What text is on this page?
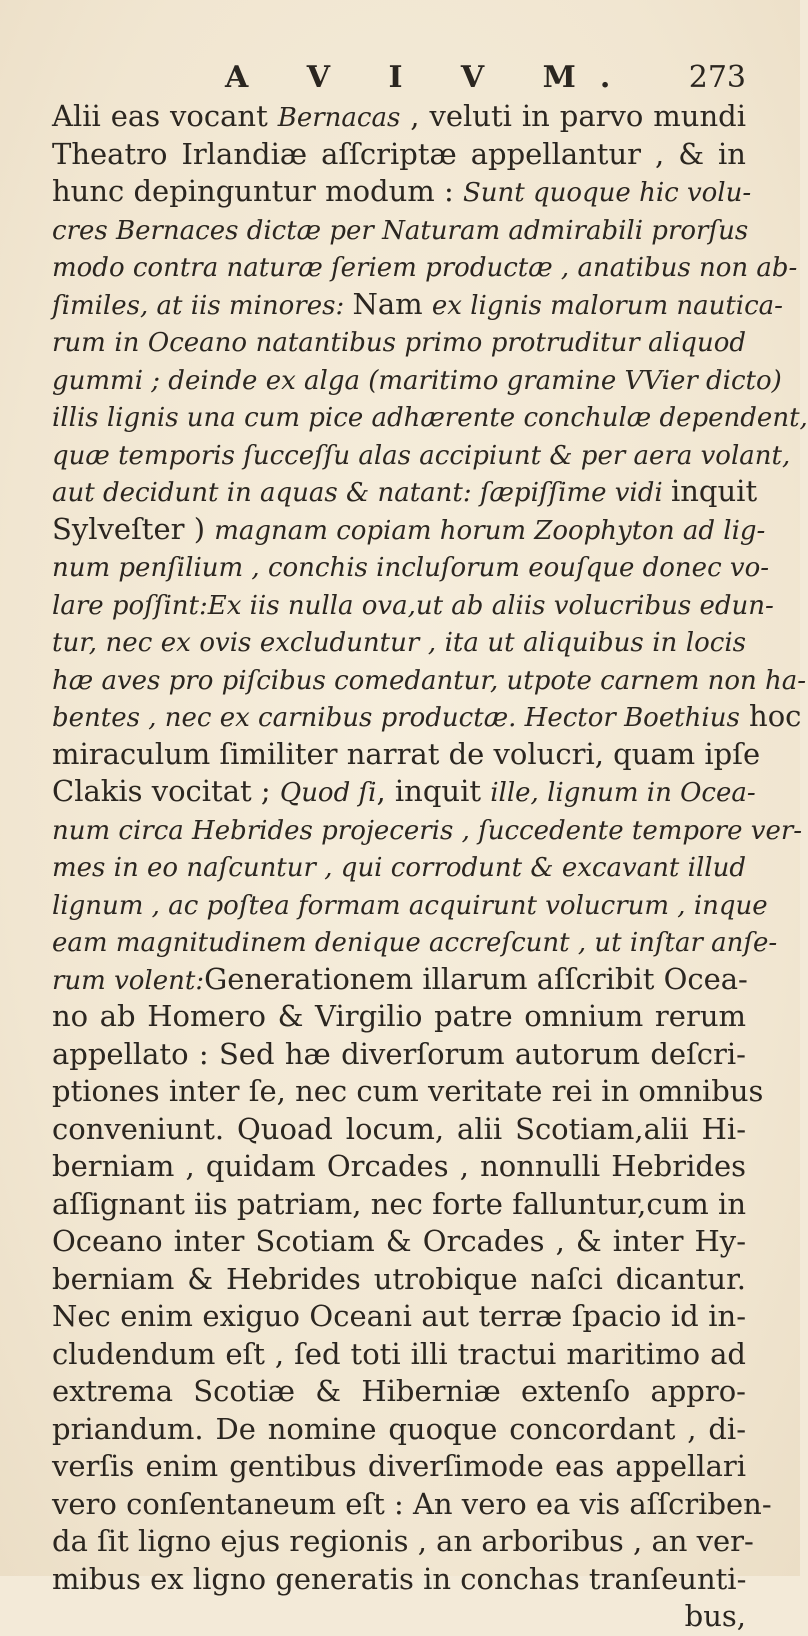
A V I V M. 273
Alii eas vocant Bernacas , veluti in parvo mundi
Theatro Irlandiæ aſſcriptæ appellantur , & in
hunc depinguntur modum : Sunt quoque hic volu-
cres Bernaces dictæ per Naturam admirabili prorſus
modo contra naturæ ſeriem productæ , anatibus non ab-
ſimiles, at iis minores: Nam ex lignis malorum nautica-
rum in Oceano natantibus primo protruditur aliquod
gummi ; deinde ex alga (maritimo gramine VVier dicto)
illis lignis una cum pice adhærente conchulæ dependent,
quæ temporis ſucceſſu alas accipiunt & per aera volant,
aut decidunt in aquas & natant: ſæpiſſime vidi inquit
Sylveſter ) magnam copiam horum Zoophyton ad lig-
num penſilium , conchis incluſorum eouſque donec vo-
lare poſſint:Ex iis nulla ova,ut ab aliis volucribus edun-
tur, nec ex ovis excluduntur , ita ut aliquibus in locis
hæ aves pro piſcibus comedantur, utpote carnem non ha-
bentes , nec ex carnibus productæ. Hector Boethius hoc
miraculum ſimiliter narrat de volucri, quam ipſe
Clakis vocitat ; Quod ſi, inquit ille, lignum in Ocea-
num circa Hebrides projeceris , ſuccedente tempore ver-
mes in eo naſcuntur , qui corrodunt & excavant illud
lignum , ac poſtea formam acquirunt volucrum , inque
eam magnitudinem denique accreſcunt , ut inſtar anſe-
rum volent:Generationem illarum aſſcribit Ocea-
no ab Homero & Virgilio patre omnium rerum
appellato : Sed hæ diverſorum autorum deſcri-
ptiones inter ſe, nec cum veritate rei in omnibus
conveniunt. Quoad locum, alii Scotiam,alii Hi-
berniam , quidam Orcades , nonnulli Hebrides
aſſignant iis patriam, nec forte falluntur,cum in
Oceano inter Scotiam & Orcades , & inter Hy-
berniam & Hebrides utrobique naſci dicantur.
Nec enim exiguo Oceani aut terræ ſpacio id in-
cludendum eſt , ſed toti illi tractui maritimo ad
extrema Scotiæ & Hiberniæ extenſo appro-
priandum. De nomine quoque concordant , di-
verſis enim gentibus diverſimode eas appellari
vero conſentaneum eſt : An vero ea vis aſſcriben-
da ſit ligno ejus regionis , an arboribus , an ver-
mibus ex ligno generatis in conchas tranſeunti-
bus,
